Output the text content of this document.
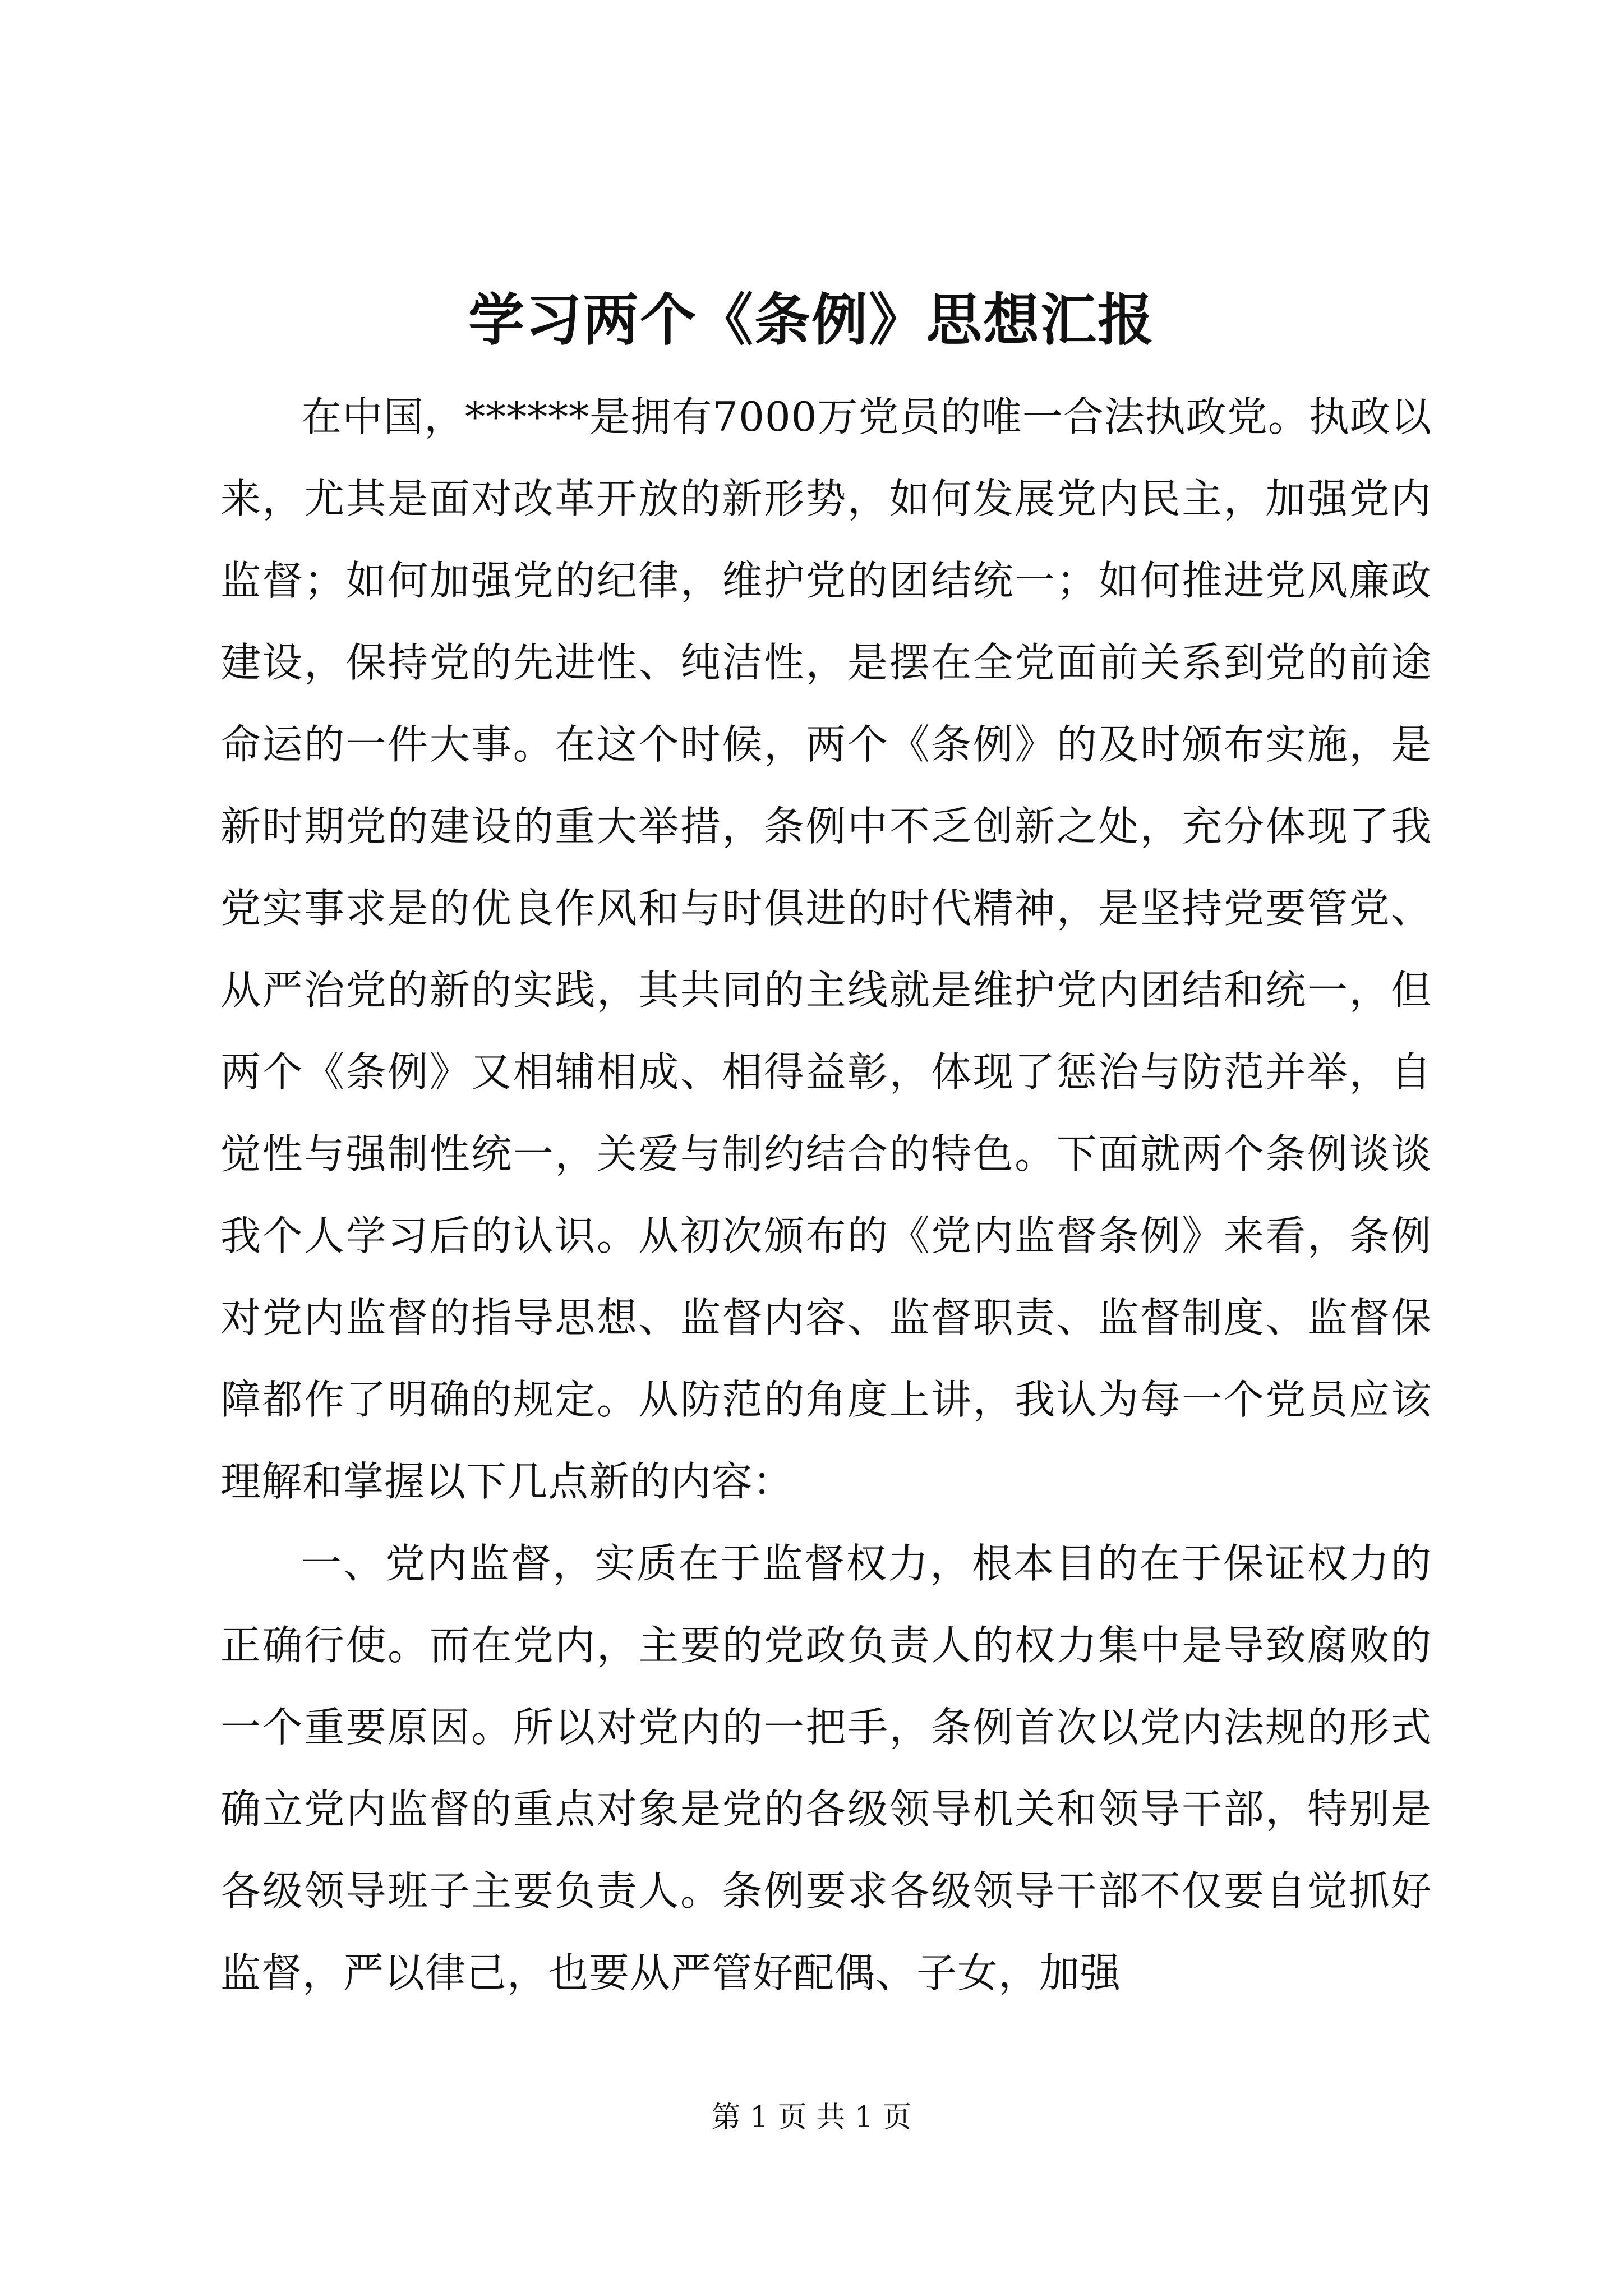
学习两个《条例》思想汇报

在中国，******是拥有7000万党员的唯一合法执政党。执政以来，尤其是面对改革开放的新形势，如何发展党内民主，加强党内监督；如何加强党的纪律，维护党的团结统一；如何推进党风廉政建设，保持党的先进性、纯洁性，是摆在全党面前关系到党的前途命运的一件大事。在这个时候，两个《条例》的及时颁布实施，是新时期党的建设的重大举措，条例中不乏创新之处，充分体现了我党实事求是的优良作风和与时俱进的时代精神，是坚持党要管党、从严治党的新的实践，其共同的主线就是维护党内团结和统一，但两个《条例》又相辅相成、相得益彰，体现了惩治与防范并举，自觉性与强制性统一，关爱与制约结合的特色。下面就两个条例谈谈我个人学习后的认识。从初次颁布的《党内监督条例》来看，条例对党内监督的指导思想、监督内容、监督职责、监督制度、监督保障都作了明确的规定。从防范的角度上讲，我认为每一个党员应该理解和掌握以下几点新的内容：

一、党内监督，实质在于监督权力，根本目的在于保证权力的正确行使。而在党内，主要的党政负责人的权力集中是导致腐败的一个重要原因。所以对党内的一把手，条例首次以党内法规的形式确立党内监督的重点对象是党的各级领导机关和领导干部，特别是各级领导班子主要负责人。条例要求各级领导干部不仅要自觉抓好监督，严以律己，也要从严管好配偶、子女，加强

第 1 页 共 1 页
